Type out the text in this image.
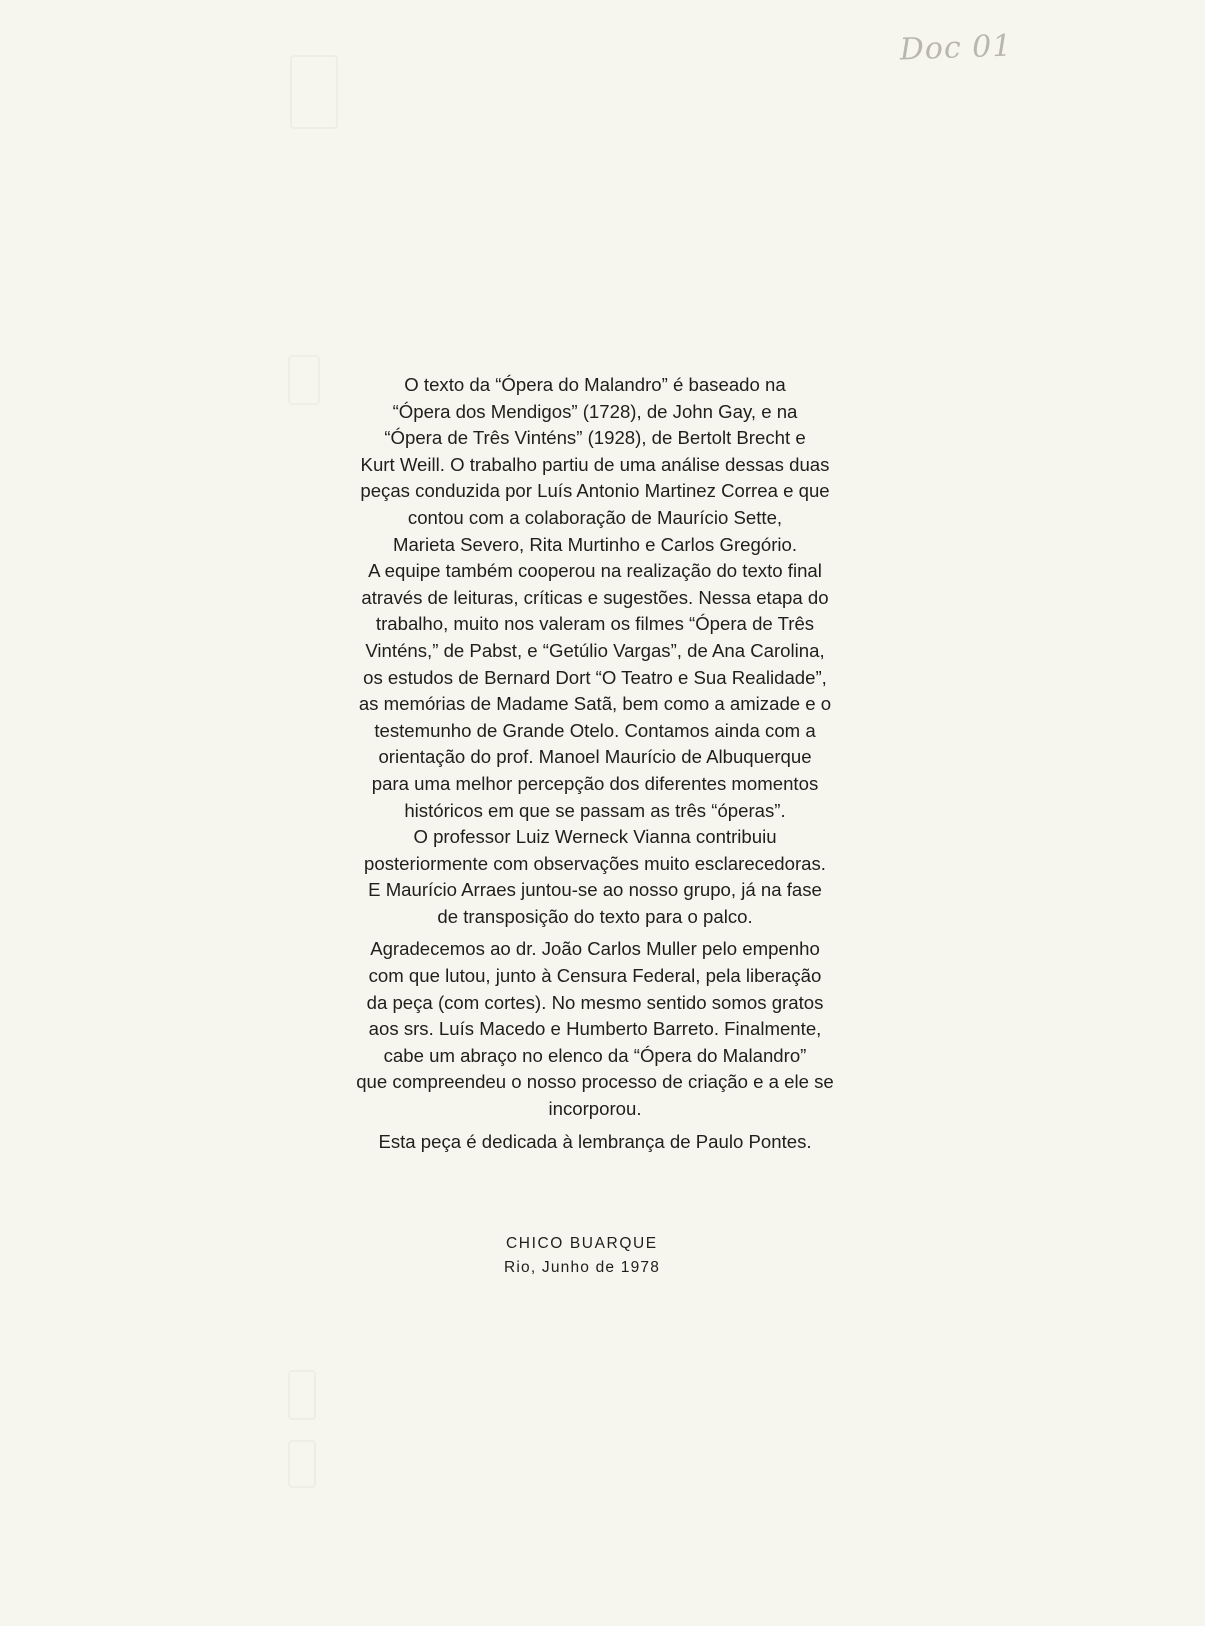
Doc 01
O texto da “Ópera do Malandro” é baseado na
“Ópera dos Mendigos” (1728), de John Gay, e na
“Ópera de Três Vinténs” (1928), de Bertolt Brecht e
Kurt Weill. O trabalho partiu de uma análise dessas duas
peças conduzida por Luís Antonio Martinez Correa e que
contou com a colaboração de Maurício Sette,
Marieta Severo, Rita Murtinho e Carlos Gregório.
A equipe também cooperou na realização do texto final
através de leituras, críticas e sugestões. Nessa etapa do
trabalho, muito nos valeram os filmes “Ópera de Três
Vinténs,” de Pabst, e “Getúlio Vargas”, de Ana Carolina,
os estudos de Bernard Dort “O Teatro e Sua Realidade”,
as memórias de Madame Satã, bem como a amizade e o
testemunho de Grande Otelo. Contamos ainda com a
orientação do prof. Manoel Maurício de Albuquerque
para uma melhor percepção dos diferentes momentos
históricos em que se passam as três “óperas”.
O professor Luiz Werneck Vianna contribuiu
posteriormente com observações muito esclarecedoras.
E Maurício Arraes juntou-se ao nosso grupo, já na fase
de transposição do texto para o palco.
Agradecemos ao dr. João Carlos Muller pelo empenho
com que lutou, junto à Censura Federal, pela liberação
da peça (com cortes). No mesmo sentido somos gratos
aos srs. Luís Macedo e Humberto Barreto. Finalmente,
cabe um abraço no elenco da “Ópera do Malandro”
que compreendeu o nosso processo de criação e a ele se
incorporou.
Esta peça é dedicada à lembrança de Paulo Pontes.
CHICO BUARQUE
Rio, Junho de 1978
